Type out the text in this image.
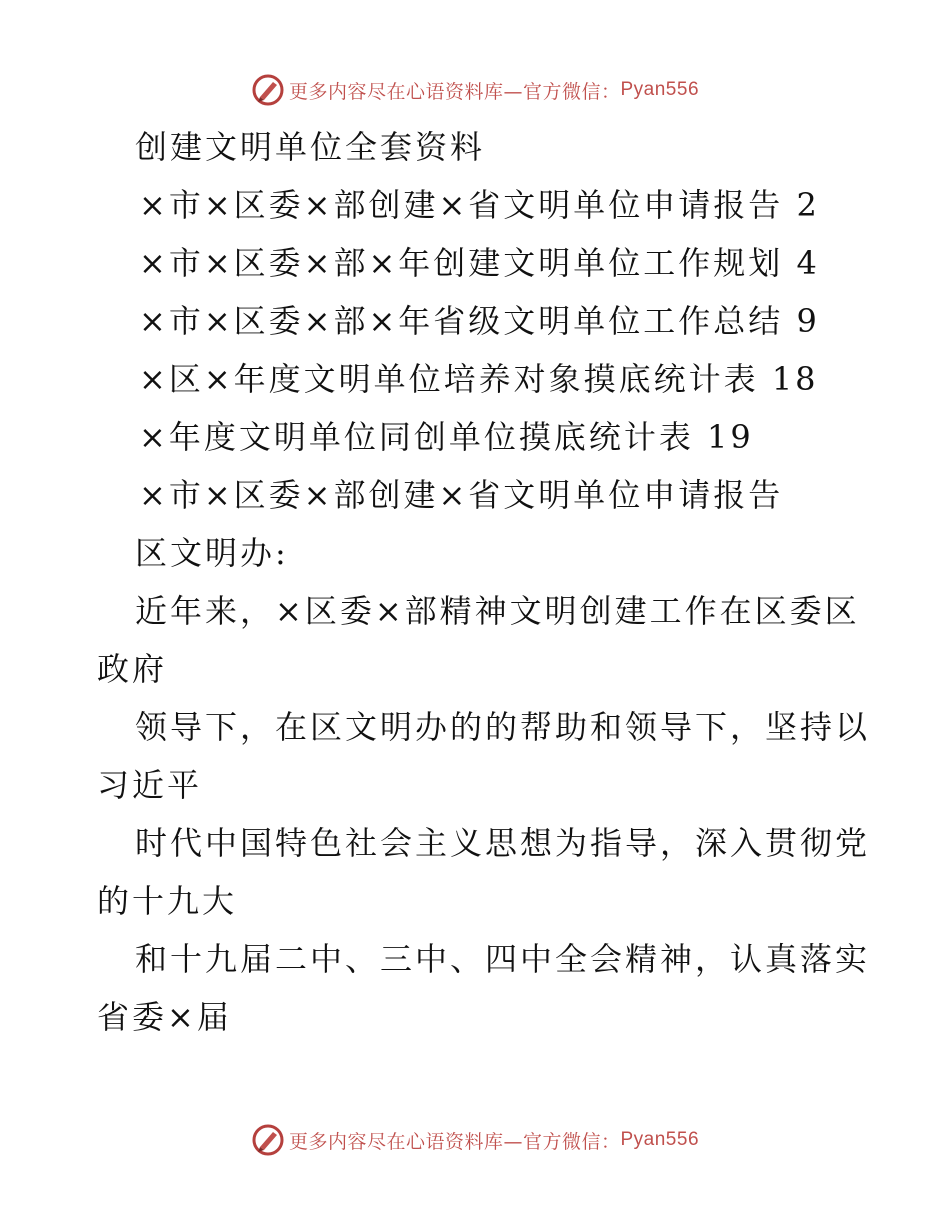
更多内容尽在心语资料库—官方微信： Pyan556
创建文明单位全套资料
×市×区委×部创建×省文明单位申请报告 2
×市×区委×部×年创建文明单位工作规划 4
×市×区委×部×年省级文明单位工作总结 9
×区×年度文明单位培养对象摸底统计表 18
×年度文明单位同创单位摸底统计表 19
×市×区委×部创建×省文明单位申请报告
区文明办:
近年来，×区委×部精神文明创建工作在区委区
政府
领导下，在区文明办的的帮助和领导下，坚持以
习近平
时代中国特色社会主义思想为指导，深入贯彻党
的十九大
和十九届二中、三中、四中全会精神，认真落实
省委×届
更多内容尽在心语资料库—官方微信： Pyan556
